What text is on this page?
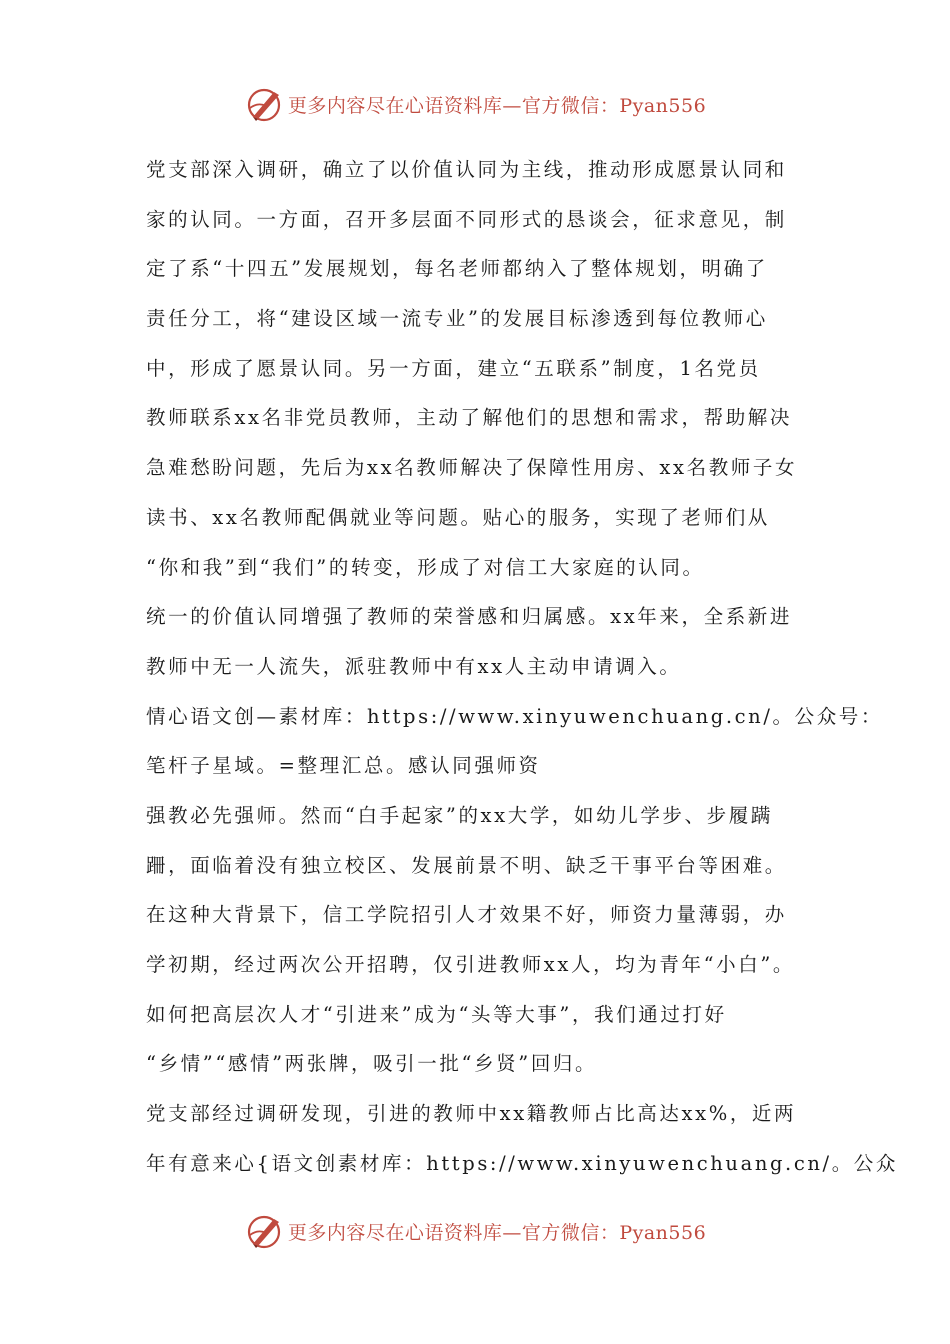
更多内容尽在心语资料库—官方微信：Pyan556
党支部深入调研，确立了以价值认同为主线，推动形成愿景认同和
家的认同。一方面，召开多层面不同形式的恳谈会，征求意见，制
定了系“十四五”发展规划，每名老师都纳入了整体规划，明确了
责任分工，将“建设区域一流专业”的发展目标渗透到每位教师心
中，形成了愿景认同。另一方面，建立“五联系”制度，1名党员
教师联系xx名非党员教师，主动了解他们的思想和需求，帮助解决
急难愁盼问题，先后为xx名教师解决了保障性用房、xx名教师子女
读书、xx名教师配偶就业等问题。贴心的服务，实现了老师们从
“你和我”到“我们”的转变，形成了对信工大家庭的认同。
统一的价值认同增强了教师的荣誉感和归属感。xx年来，全系新进
教师中无一人流失，派驻教师中有xx人主动申请调入。
情心语文创—素材库：https://www.xinyuwenchuang.cn/。公众号：
笔杆子星域。=整理汇总。感认同强师资
强教必先强师。然而“白手起家”的xx大学，如幼儿学步、步履蹒
跚，面临着没有独立校区、发展前景不明、缺乏干事平台等困难。
在这种大背景下，信工学院招引人才效果不好，师资力量薄弱，办
学初期，经过两次公开招聘，仅引进教师xx人，均为青年“小白”。
如何把高层次人才“引进来”成为“头等大事”，我们通过打好
“乡情”“感情”两张牌，吸引一批“乡贤”回归。
党支部经过调研发现，引进的教师中xx籍教师占比高达xx%，近两
年有意来心{语文创素材库：https://www.xinyuwenchuang.cn/。公众
更多内容尽在心语资料库—官方微信：Pyan556
